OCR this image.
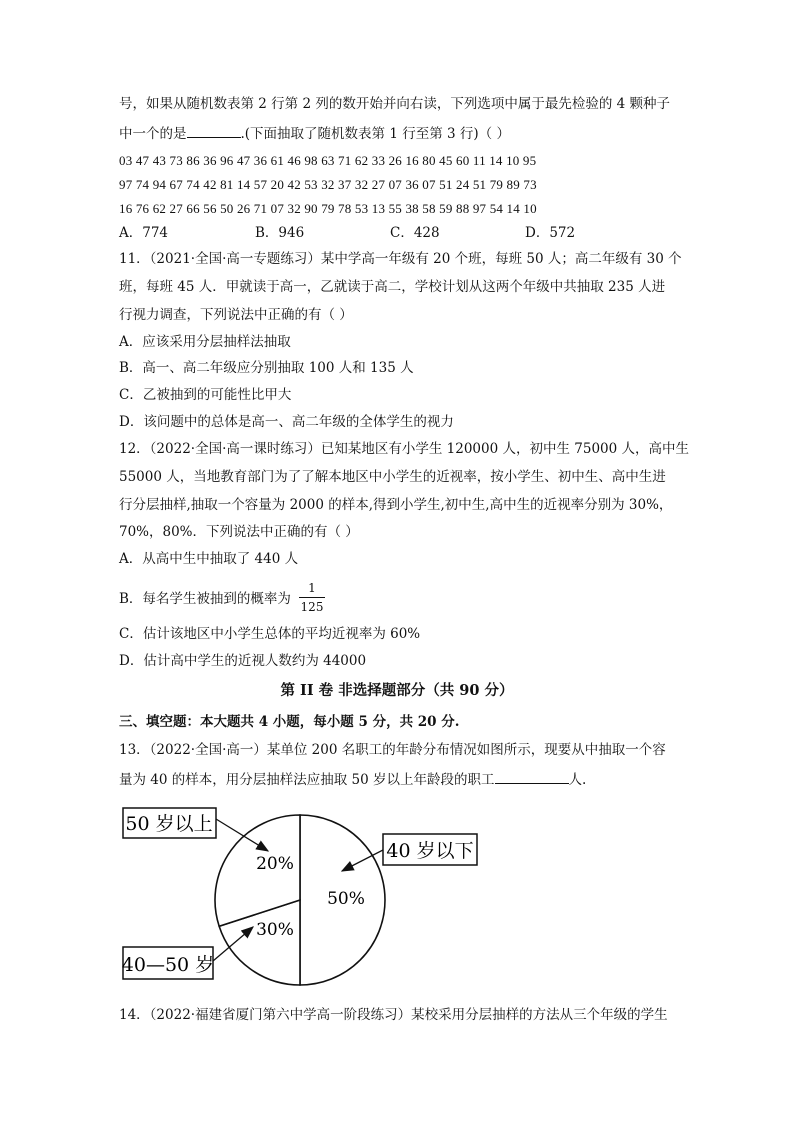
号，如果从随机数表第 2 行第 2 列的数开始并向右读，下列选项中属于最先检验的 4 颗种子
中一个的是	.(下面抽取了随机数表第 1 行至第 3 行)（ ）
03 47 43 73 86 36 96 47 36 61 46 98 63 71 62 33 26 16 80 45 60 11 14 10 95
97 74 94 67 74 42 81 14 57 20 42 53 32 37 32 27 07 36 07 51 24 51 79 89 73
16 76 62 27 66 56 50 26 71 07 32 90 79 78 53 13 55 38 58 59 88 97 54 14 10
A．774	B．946	C．428	D．572
11．（2021·全国·高一专题练习）某中学高一年级有 20 个班，每班 50 人；高二年级有 30 个
班，每班 45 人．甲就读于高一，乙就读于高二，学校计划从这两个年级中共抽取 235 人进
行视力调查，下列说法中正确的有（ ）
A．应该采用分层抽样法抽取
B．高一、高二年级应分别抽取 100 人和 135 人
C．乙被抽到的可能性比甲大
D．该问题中的总体是高一、高二年级的全体学生的视力
12．（2022·全国·高一课时练习）已知某地区有小学生 120000 人，初中生 75000 人，高中生
55000 人，当地教育部门为了了解本地区中小学生的近视率，按小学生、初中生、高中生进
行分层抽样,抽取一个容量为 2000 的样本,得到小学生,初中生,高中生的近视率分别为 30%，
70%，80%．下列说法中正确的有（ ）
A．从高中生中抽取了 440 人
B．每名学生被抽到的概率为
1
125
C．估计该地区中小学生总体的平均近视率为 60%
D．估计高中学生的近视人数约为 44000
第 II 卷 非选择题部分（共 90 分）
三、填空题：本大题共 4 小题，每小题 5 分，共 20 分.
13．（2022·全国·高一）某单位 200 名职工的年龄分布情况如图所示，现要从中抽取一个容
量为 40 的样本，用分层抽样法应抽取 50 岁以上年龄段的职工	人.
50 岁以上
40 岁以下
40—50 岁
20%
50%
30%
14．（2022·福建省厦门第六中学高一阶段练习）某校采用分层抽样的方法从三个年级的学生
